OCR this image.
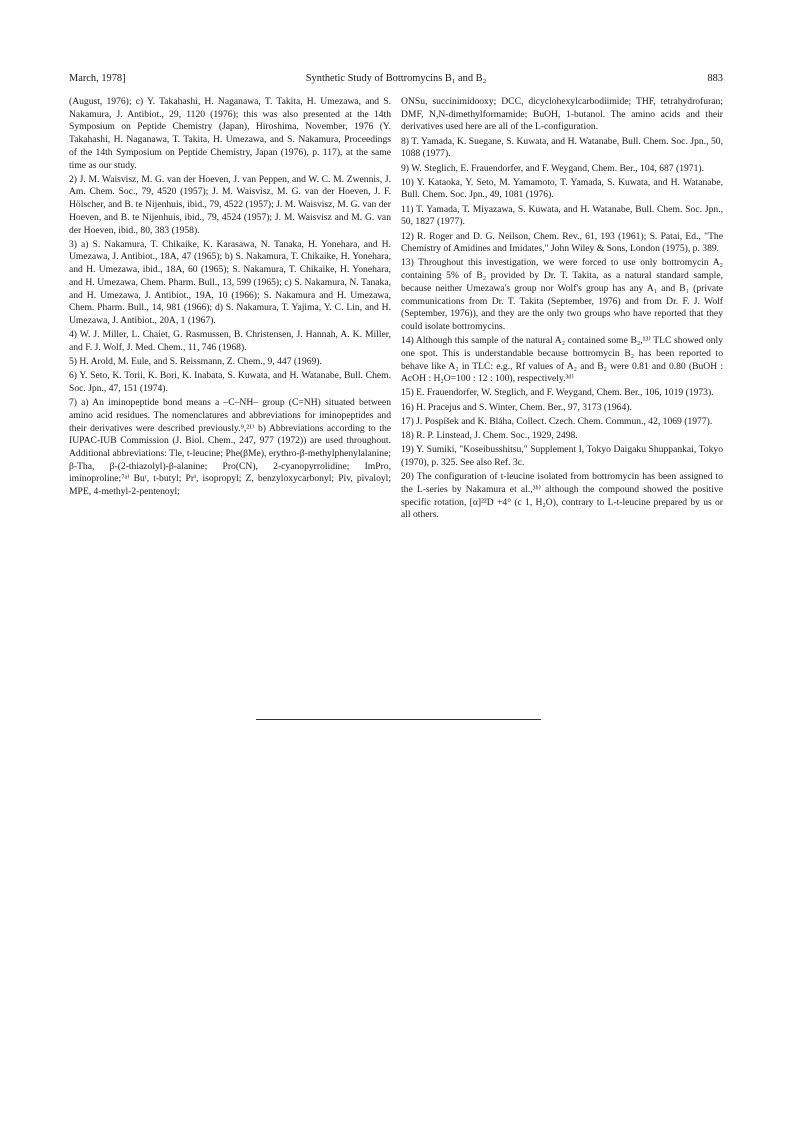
March, 1978]	Synthetic Study of Bottromycins B₁ and B₂	883

(August, 1976); c) Y. Takahashi, H. Naganawa, T. Takita, H. Umezawa, and S. Nakamura, J. Antibiot., 29, 1120 (1976); this was also presented at the 14th Symposium on Peptide Chemistry (Japan), Hiroshima, November, 1976 (Y. Takahashi, H. Naganawa, T. Takita, H. Umezawa, and S. Nakamura, Proceedings of the 14th Symposium on Peptide Chemistry, Japan (1976), p. 117), at the same time as our study.

2) J. M. Waisvisz, M. G. van der Hoeven, J. van Peppen, and W. C. M. Zwennis, J. Am. Chem. Soc., 79, 4520 (1957); J. M. Waisvisz, M. G. van der Hoeven, J. F. Hölscher, and B. te Nijenhuis, ibid., 79, 4522 (1957); J. M. Waisvisz, M. G. van der Hoeven, and B. te Nijenhuis, ibid., 79, 4524 (1957); J. M. Waisvisz and M. G. van der Hoeven, ibid., 80, 383 (1958).

3) a) S. Nakamura, T. Chikaike, K. Karasawa, N. Tanaka, H. Yonehara, and H. Umezawa, J. Antibiot., 18A, 47 (1965); b) S. Nakamura, T. Chikaike, H. Yonehara, and H. Umezawa, ibid., 18A, 60 (1965); S. Nakamura, T. Chikaike, H. Yonehara, and H. Umezawa, Chem. Pharm. Bull., 13, 599 (1965); c) S. Nakamura, N. Tanaka, and H. Umezawa, J. Antibiot., 19A, 10 (1966); S. Nakamura and H. Umezawa, Chem. Pharm. Bull., 14, 981 (1966); d) S. Nakamura, T. Yajima, Y. C. Lin, and H. Umezawa, J. Antibiot., 20A, 1 (1967).

4) W. J. Miller, L. Chaiet, G. Rasmussen, B. Christensen, J. Hannah, A. K. Miller, and F. J. Wolf, J. Med. Chem., 11, 746 (1968).

5) H. Arold, M. Eule, and S. Reissmann, Z. Chem., 9, 447 (1969).

6) Y. Seto, K. Torii, K. Bori, K. Inabata, S. Kuwata, and H. Watanabe, Bull. Chem. Soc. Jpn., 47, 151 (1974).

7) a) An iminopeptide bond means a –C–NH– group (C=NH) situated between amino acid residues. The nomenclatures and abbreviations for iminopeptides and their derivatives were described previously.⁹,²¹⁾ b) Abbreviations according to the IUPAC-IUB Commission (J. Biol. Chem., 247, 977 (1972)) are used throughout. Additional abbreviations: Tle, t-leucine; Phe(βMe), erythro-β-methylphenylalanine; β-Tha, β-(2-thiazolyl)-β-alanine; Pro(CN), 2-cyanopyrrolidine; ImPro, iminoproline;⁷ᵃ⁾ Buᵗ, t-butyl; Prⁱ, isopropyl; Z, benzyloxycarbonyl; Piv, pivaloyl; MPE, 4-methyl-2-pentenoyl;

ONSu, succinimidooxy; DCC, dicyclohexylcarbodiimide; THF, tetrahydrofuran; DMF, N,N-dimethylformamide; BuOH, 1-butanol. The amino acids and their derivatives used here are all of the L-configuration.

8) T. Yamada, K. Suegane, S. Kuwata, and H. Watanabe, Bull. Chem. Soc. Jpn., 50, 1088 (1977).

9) W. Steglich, E. Frauendorfer, and F. Weygand, Chem. Ber., 104, 687 (1971).

10) Y. Kataoka, Y. Seto, M. Yamamoto, T. Yamada, S. Kuwata, and H. Watanabe, Bull. Chem. Soc. Jpn., 49, 1081 (1976).

11) T. Yamada, T. Miyazawa, S. Kuwata, and H. Watanabe, Bull. Chem. Soc. Jpn., 50, 1827 (1977).

12) R. Roger and D. G. Neilson, Chem. Rev., 61, 193 (1961); S. Patai, Ed., "The Chemistry of Amidines and Imidates," John Wiley & Sons, London (1975), p. 389.

13) Throughout this investigation, we were forced to use only bottromycin A₂ containing 5% of B₂ provided by Dr. T. Takita, as a natural standard sample, because neither Umezawa's group nor Wolf's group has any A₁ and B₁ (private communications from Dr. T. Takita (September, 1976) and from Dr. F. J. Wolf (September, 1976)), and they are the only two groups who have reported that they could isolate bottromycins.

14) Although this sample of the natural A₂ contained some B₂,¹³⁾ TLC showed only one spot. This is understandable because bottromycin B₂ has been reported to behave like A₂ in TLC: e.g., Rf values of A₂ and B₂ were 0.81 and 0.80 (BuOH : AcOH : H₂O=100 : 12 : 100), respectively.³ᵈ⁾

15) E. Frauendorfer, W. Steglich, and F. Weygand, Chem. Ber., 106, 1019 (1973).

16) H. Pracejus and S. Winter, Chem. Ber., 97, 3173 (1964).

17) J. Pospíšek and K. Bláha, Collect. Czech. Chem. Commun., 42, 1069 (1977).

18) R. P. Linstead, J. Chem. Soc., 1929, 2498.

19) Y. Sumiki, "Koseibusshitsu," Supplement I, Tokyo Daigaku Shuppankai, Tokyo (1970), p. 325. See also Ref. 3c.

20) The configuration of t-leucine isolated from bottromycin has been assigned to the L-series by Nakamura et al.,³ᵇ⁾ although the compound showed the positive specific rotation, [α]²²D +4° (c 1, H₂O), contrary to L-t-leucine prepared by us or all others.
